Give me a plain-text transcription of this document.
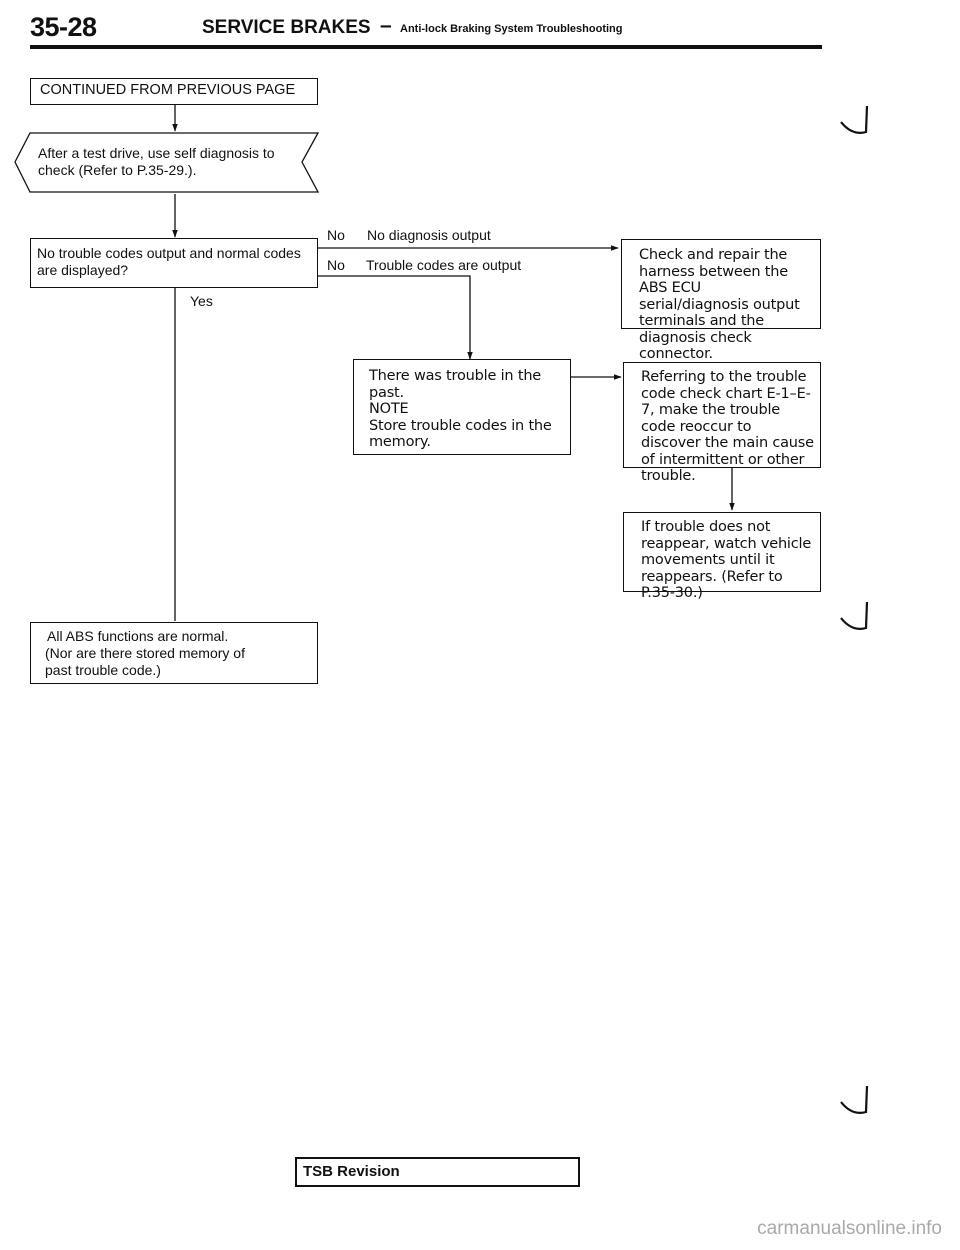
35-28	SERVICE BRAKES – Anti-lock Braking System Troubleshooting
CONTINUED FROM PREVIOUS PAGE
After a test drive, use self diagnosis to check (Refer to P.35-29.).
No trouble codes output and normal codes are displayed?
Yes
No No diagnosis output
No Trouble codes are output
Check and repair the harness between the ABS ECU serial/diagnosis output terminals and the diagnosis check connector.
There was trouble in the past.
NOTE
Store trouble codes in the memory.
Referring to the trouble code check chart E-1–E-7, make the trouble code reoccur to discover the main cause of intermittent or other trouble.
If trouble does not reappear, watch vehicle movements until it reappears. (Refer to P.35-30.)
All ABS functions are normal.
(Nor are there stored memory of past trouble code.)
TSB Revision
carmanualsonline.info
